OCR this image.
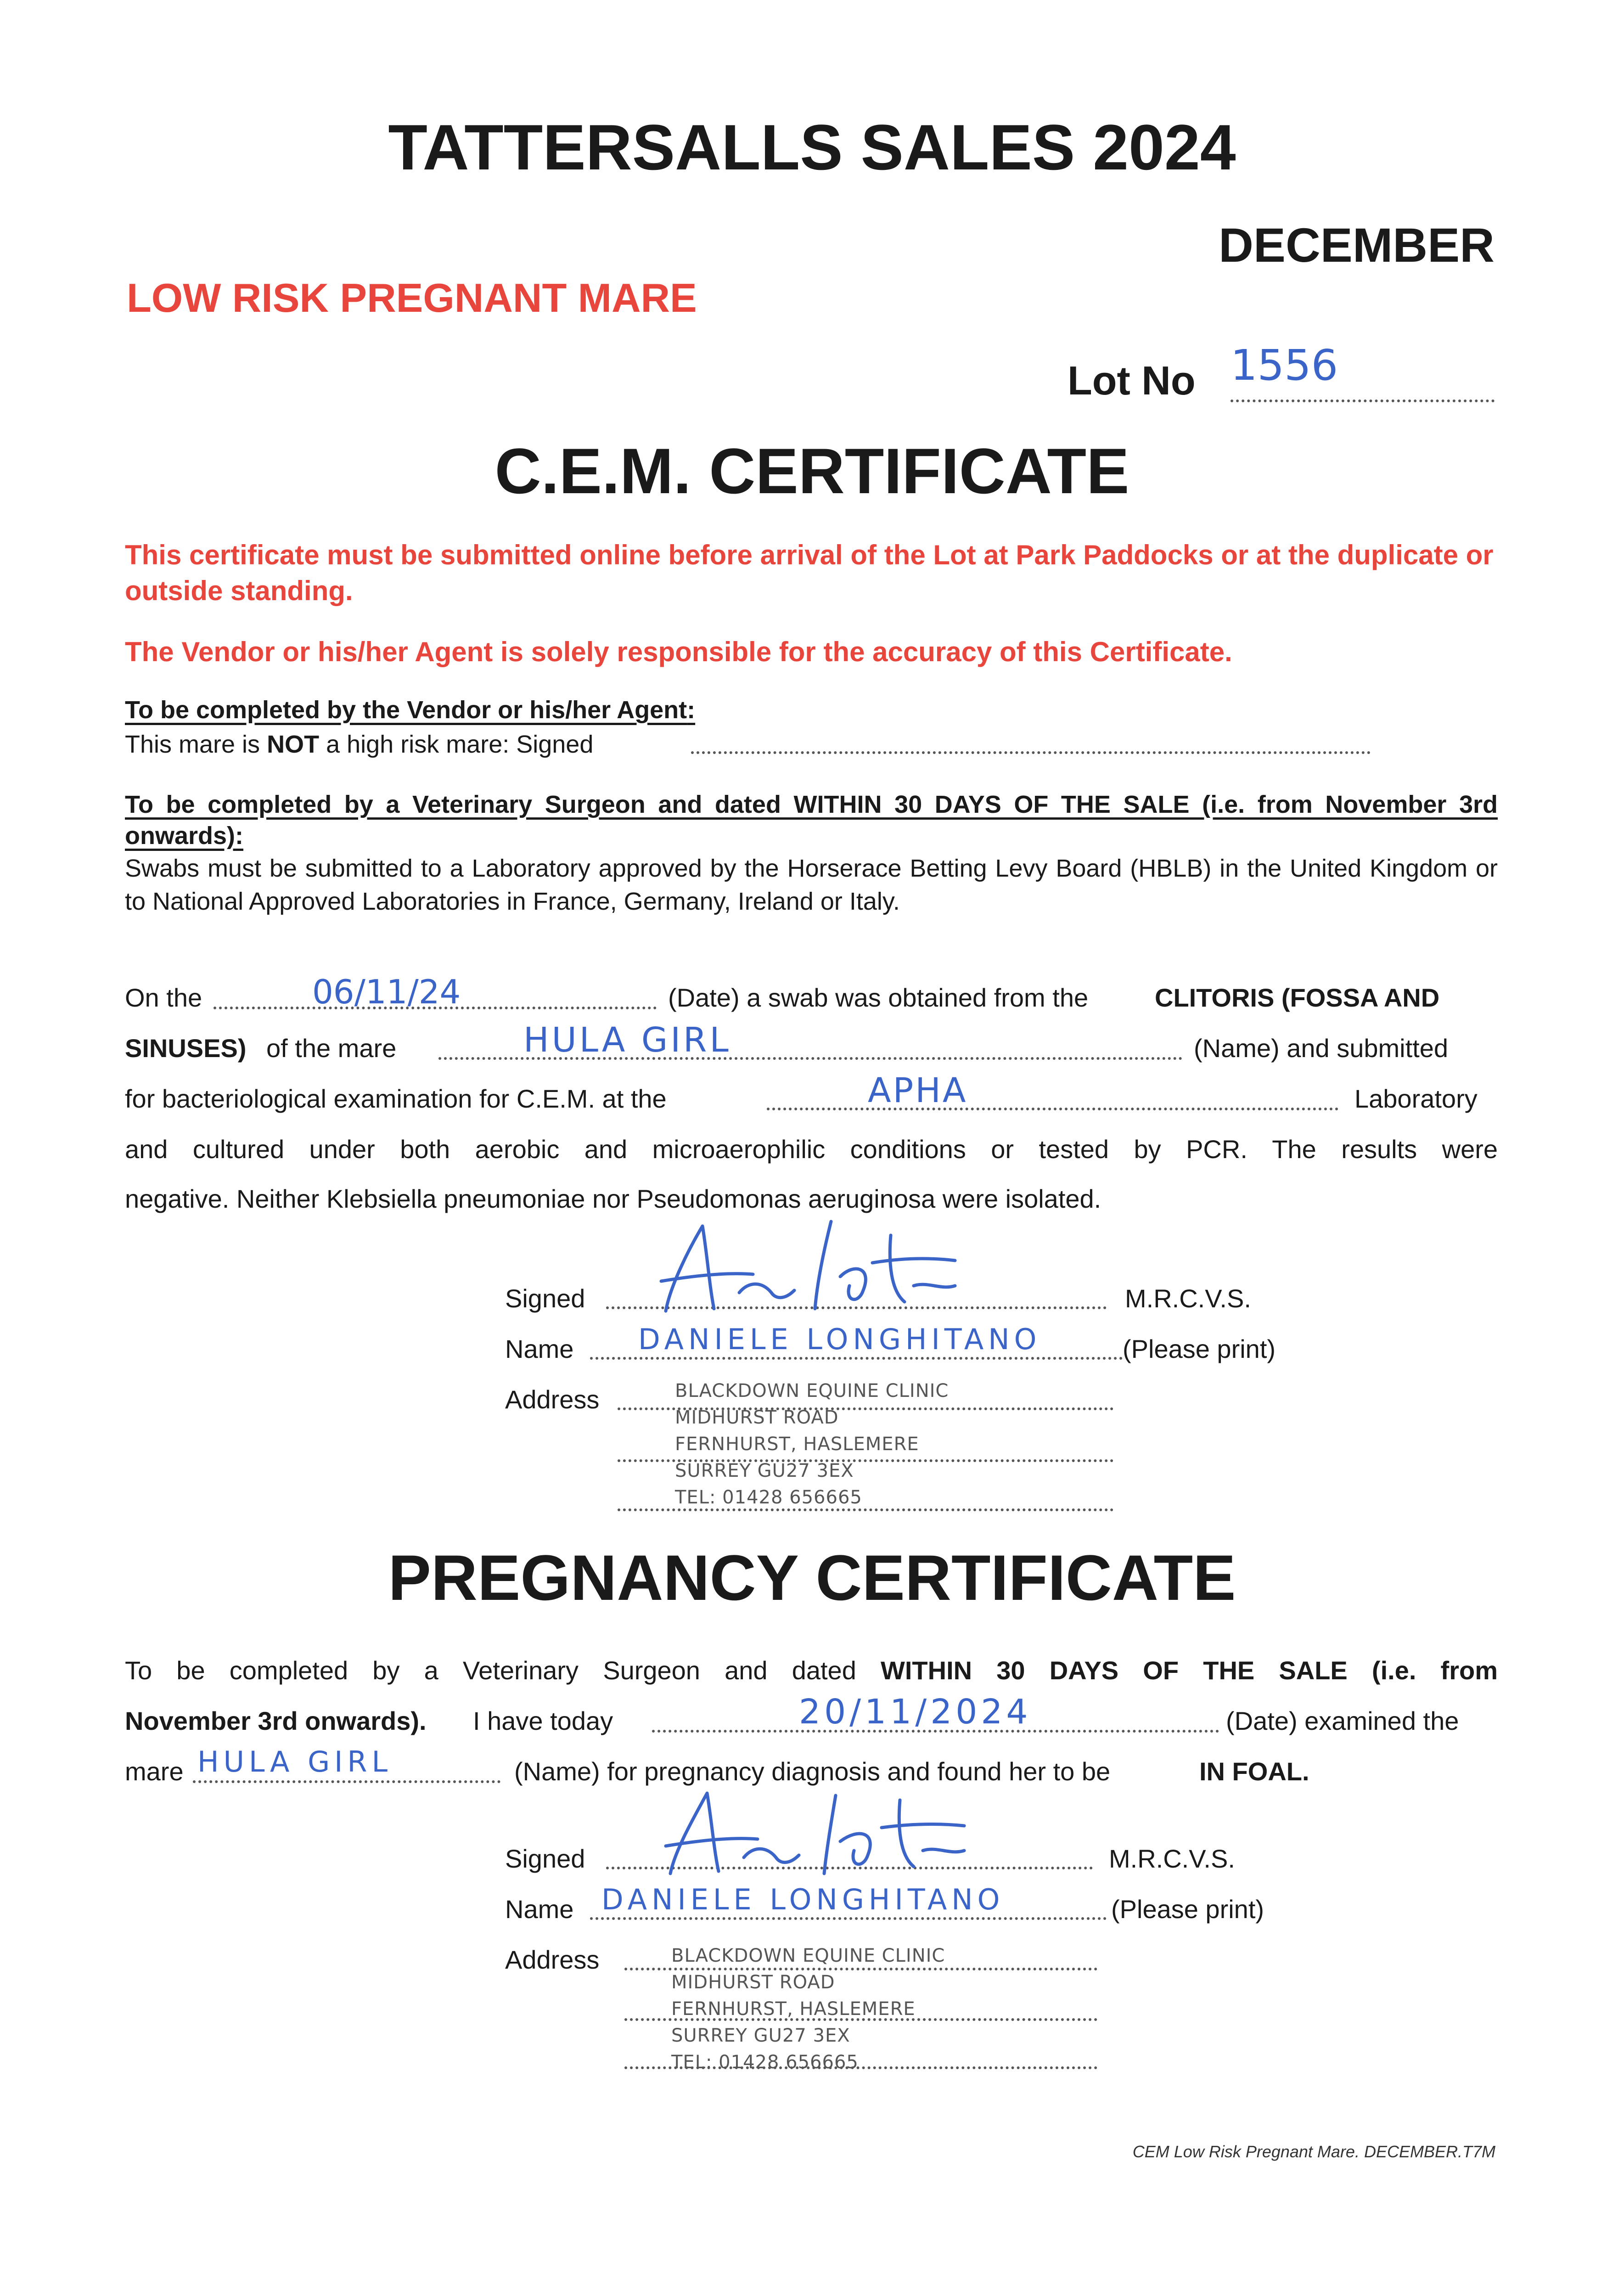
TATTERSALLS SALES 2024
DECEMBER
LOW RISK PREGNANT MARE
Lot No 1556
C.E.M. CERTIFICATE
This certificate must be submitted online before arrival of the Lot at Park Paddocks or at the duplicate or outside standing.
The Vendor or his/her Agent is solely responsible for the accuracy of this Certificate.
To be completed by the Vendor or his/her Agent:
This mare is NOT a high risk mare: Signed
To be completed by a Veterinary Surgeon and dated WITHIN 30 DAYS OF THE SALE (i.e. from November 3rd onwards):
Swabs must be submitted to a Laboratory approved by the Horserace Betting Levy Board (HBLB) in the United Kingdom or to National Approved Laboratories in France, Germany, Ireland or Italy.
On the	06/11/24	(Date) a swab was obtained from the	CLITORIS (FOSSA AND
SINUSES) of the mare	HULA GIRL	(Name) and submitted
for bacteriological examination for C.E.M. at the	APHA	Laboratory
and cultured under both aerobic and microaerophilic conditions or tested by PCR. The results were
negative. Neither Klebsiella pneumoniae nor Pseudomonas aeruginosa were isolated.
Signed	M.R.C.V.S.
Name DANIELE LONGHITANO	(Please print)
Address	BLACKDOWN EQUINE CLINIC
MIDHURST ROAD
FERNHURST, HASLEMERE
SURREY GU27 3EX
TEL: 01428 656665
PREGNANCY CERTIFICATE
To be completed by a Veterinary Surgeon and dated WITHIN 30 DAYS OF THE SALE (i.e. from
November 3rd onwards). I have today	20/11/2024	(Date) examined the
mare HULA GIRL	(Name) for pregnancy diagnosis and found her to be	IN FOAL.
Signed	M.R.C.V.S.
Name DANIELE LONGHITANO	(Please print)
Address	BLACKDOWN EQUINE CLINIC
MIDHURST ROAD
FERNHURST, HASLEMERE
SURREY GU27 3EX
TEL: 01428 656665
CEM Low Risk Pregnant Mare. DECEMBER.T7M
